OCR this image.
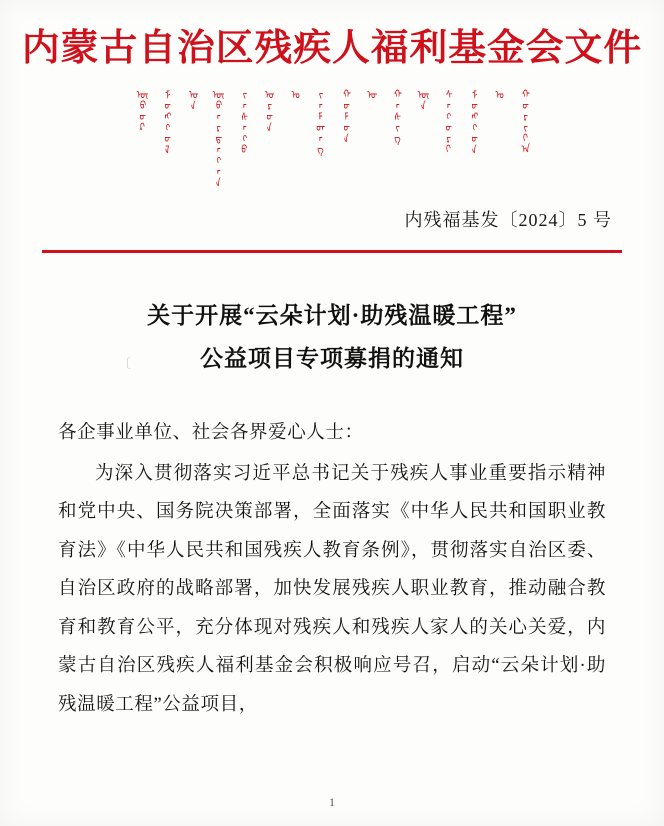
内蒙古自治区残疾人福利基金会文件
ᠥᠪᠥᠷ ᠮᠣᠩᠭᠤᠯ ᠤᠨ ᠥᠪᠡᠷᠲᠡᠭᠡᠨ ᠵᠠᠰᠠᠬᠤ ᠣᠷᠣᠨ ᠤ ᠵᠡᠮᠳᠡᠭ ᠬᠥᠮᠦᠨ ᠦ ᠬᠡᠰᠢᠭ ᠦᠨ ᠰᠠᠭᠤᠷᠢ ᠮᠥᠩᠭᠥᠨ ᠤ ᠬᠣᠷᠢᠶ᠎ᠠ
内残福基发〔2024〕5 号
关于开展“云朵计划·助残温暖工程”
公益项目专项募捐的通知
〔

各企事业单位、社会各界爱心人士：

为深入贯彻落实习近平总书记关于残疾人事业重要指示精神和党中央、国务院决策部署，全面落实《中华人民共和国职业教育法》《中华人民共和国残疾人教育条例》，贯彻落实自治区委、自治区政府的战略部署，加快发展残疾人职业教育，推动融合教育和教育公平，充分体现对残疾人和残疾人家人的关心关爱，内蒙古自治区残疾人福利基金会积极响应号召，启动“云朵计划·助残温暖工程”公益项目，

1
